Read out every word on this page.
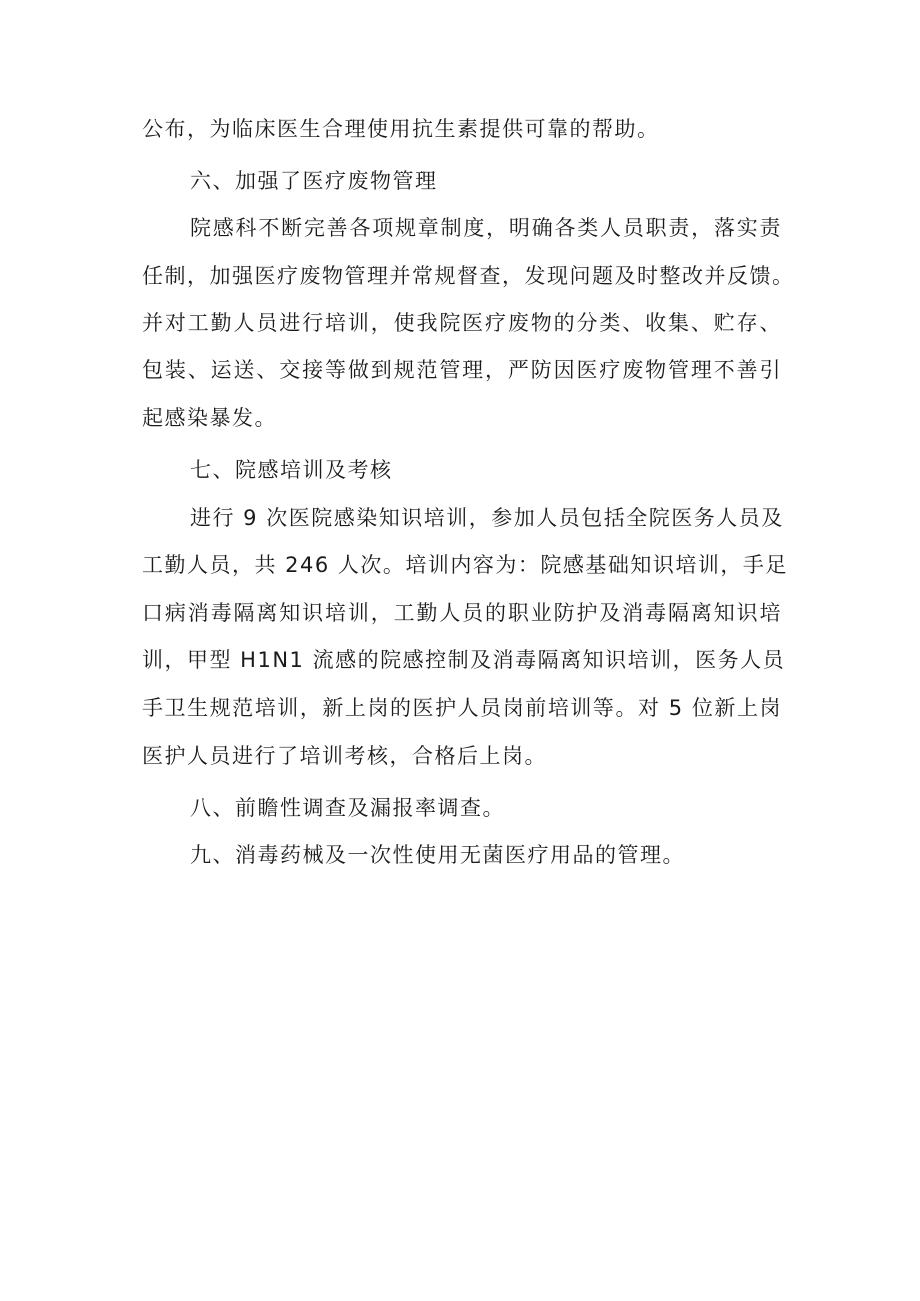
公布，为临床医生合理使用抗生素提供可靠的帮助。
六、加强了医疗废物管理
院感科不断完善各项规章制度，明确各类人员职责，落实责
任制，加强医疗废物管理并常规督查，发现问题及时整改并反馈。
并对工勤人员进行培训，使我院医疗废物的分类、收集、贮存、
包装、运送、交接等做到规范管理，严防因医疗废物管理不善引
起感染暴发。
七、院感培训及考核
进行 9 次医院感染知识培训，参加人员包括全院医务人员及
工勤人员，共 246 人次。培训内容为：院感基础知识培训，手足
口病消毒隔离知识培训，工勤人员的职业防护及消毒隔离知识培
训，甲型 H1N1 流感的院感控制及消毒隔离知识培训，医务人员
手卫生规范培训，新上岗的医护人员岗前培训等。对 5 位新上岗
医护人员进行了培训考核，合格后上岗。
八、前瞻性调查及漏报率调查。
九、消毒药械及一次性使用无菌医疗用品的管理。
